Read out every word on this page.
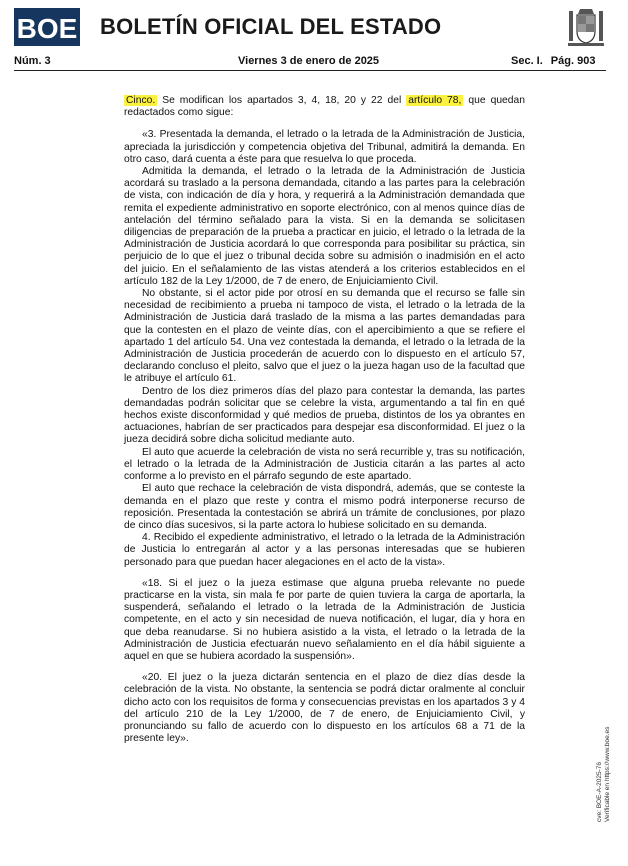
BOE BOLETÍN OFICIAL DEL ESTADO
Núm. 3	Viernes 3 de enero de 2025	Sec. I. Pág. 903

Cinco. Se modifican los apartados 3, 4, 18, 20 y 22 del artículo 78, que quedan redactados como sigue:

«3. Presentada la demanda, el letrado o la letrada de la Administración de Justicia, apreciada la jurisdicción y competencia objetiva del Tribunal, admitirá la demanda. En otro caso, dará cuenta a éste para que resuelva lo que proceda.

Admitida la demanda, el letrado o la letrada de la Administración de Justicia acordará su traslado a la persona demandada, citando a las partes para la celebración de vista, con indicación de día y hora, y requerirá a la Administración demandada que remita el expediente administrativo en soporte electrónico, con al menos quince días de antelación del término señalado para la vista. Si en la demanda se solicitasen diligencias de preparación de la prueba a practicar en juicio, el letrado o la letrada de la Administración de Justicia acordará lo que corresponda para posibilitar su práctica, sin perjuicio de lo que el juez o tribunal decida sobre su admisión o inadmisión en el acto del juicio. En el señalamiento de las vistas atenderá a los criterios establecidos en el artículo 182 de la Ley 1/2000, de 7 de enero, de Enjuiciamiento Civil.

No obstante, si el actor pide por otrosí en su demanda que el recurso se falle sin necesidad de recibimiento a prueba ni tampoco de vista, el letrado o la letrada de la Administración de Justicia dará traslado de la misma a las partes demandadas para que la contesten en el plazo de veinte días, con el apercibimiento a que se refiere el apartado 1 del artículo 54. Una vez contestada la demanda, el letrado o la letrada de la Administración de Justicia procederán de acuerdo con lo dispuesto en el artículo 57, declarando concluso el pleito, salvo que el juez o la jueza hagan uso de la facultad que le atribuye el artículo 61.

Dentro de los diez primeros días del plazo para contestar la demanda, las partes demandadas podrán solicitar que se celebre la vista, argumentando a tal fin en qué hechos existe disconformidad y qué medios de prueba, distintos de los ya obrantes en actuaciones, habrían de ser practicados para despejar esa disconformidad. El juez o la jueza decidirá sobre dicha solicitud mediante auto.

El auto que acuerde la celebración de vista no será recurrible y, tras su notificación, el letrado o la letrada de la Administración de Justicia citarán a las partes al acto conforme a lo previsto en el párrafo segundo de este apartado.

El auto que rechace la celebración de vista dispondrá, además, que se conteste la demanda en el plazo que reste y contra el mismo podrá interponerse recurso de reposición. Presentada la contestación se abrirá un trámite de conclusiones, por plazo de cinco días sucesivos, si la parte actora lo hubiese solicitado en su demanda.

4. Recibido el expediente administrativo, el letrado o la letrada de la Administración de Justicia lo entregarán al actor y a las personas interesadas que se hubieren personado para que puedan hacer alegaciones en el acto de la vista».

«18. Si el juez o la jueza estimase que alguna prueba relevante no puede practicarse en la vista, sin mala fe por parte de quien tuviera la carga de aportarla, la suspenderá, señalando el letrado o la letrada de la Administración de Justicia competente, en el acto y sin necesidad de nueva notificación, el lugar, día y hora en que deba reanudarse. Si no hubiera asistido a la vista, el letrado o la letrada de la Administración de Justicia efectuarán nuevo señalamiento en el día hábil siguiente a aquel en que se hubiera acordado la suspensión».

«20. El juez o la jueza dictarán sentencia en el plazo de diez días desde la celebración de la vista. No obstante, la sentencia se podrá dictar oralmente al concluir dicho acto con los requisitos de forma y consecuencias previstas en los apartados 3 y 4 del artículo 210 de la Ley 1/2000, de 7 de enero, de Enjuiciamiento Civil, y pronunciando su fallo de acuerdo con lo dispuesto en los artículos 68 a 71 de la presente ley».

cve: BOE-A-2025-76 Verificable en https://www.boe.es
